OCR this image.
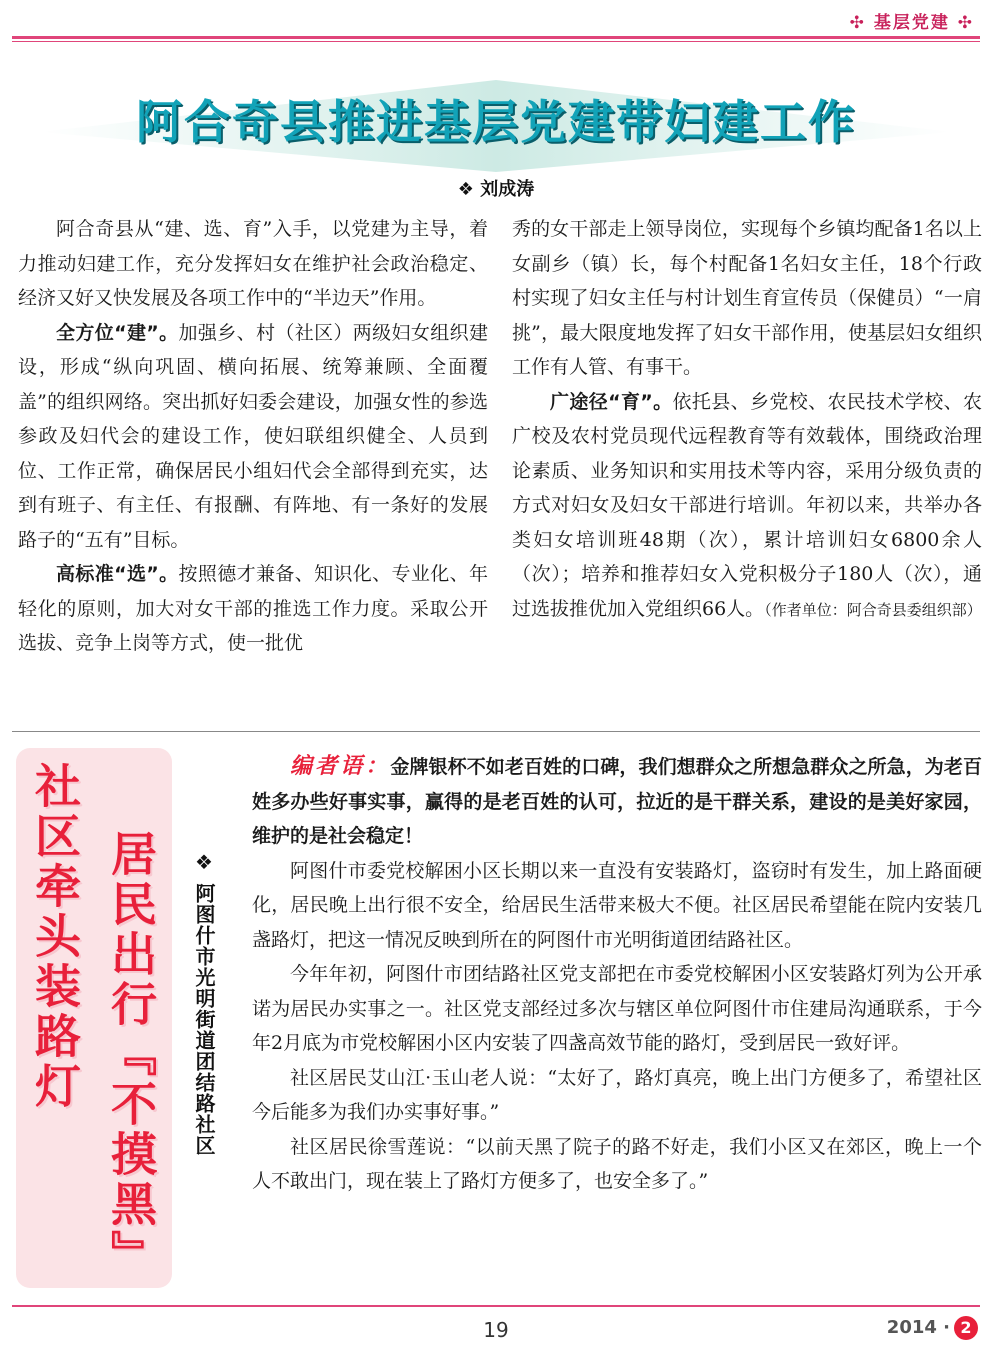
✣ 基层党建 ✣
阿合奇县推进基层党建带妇建工作
❖ 刘成涛

阿合奇县从“建、选、育”入手，以党建为主导，着力推动妇建工作，充分发挥妇女在维护社会政治稳定、经济又好又快发展及各项工作中的“半边天”作用。

全方位“建”。加强乡、村（社区）两级妇女组织建设，形成“纵向巩固、横向拓展、统筹兼顾、全面覆盖”的组织网络。突出抓好妇委会建设，加强女性的参选参政及妇代会的建设工作，使妇联组织健全、人员到位、工作正常，确保居民小组妇代会全部得到充实，达到有班子、有主任、有报酬、有阵地、有一条好的发展路子的“五有”目标。

高标准“选”。按照德才兼备、知识化、专业化、年轻化的原则，加大对女干部的推选工作力度。采取公开选拔、竞争上岗等方式，使一批优

秀的女干部走上领导岗位，实现每个乡镇均配备1名以上女副乡（镇）长，每个村配备1名妇女主任，18个行政村实现了妇女主任与村计划生育宣传员（保健员）“一肩挑”，最大限度地发挥了妇女干部作用，使基层妇女组织工作有人管、有事干。

广途径“育”。依托县、乡党校、农民技术学校、农广校及农村党员现代远程教育等有效载体，围绕政治理论素质、业务知识和实用技术等内容，采用分级负责的方式对妇女及妇女干部进行培训。年初以来，共举办各类妇女培训班48期（次），累计培训妇女6800余人（次）；培养和推荐妇女入党积极分子180人（次），通过选拔推优加入党组织66人。（作者单位：阿合奇县委组织部）

社区牵头装路灯 居民出行『不摸黑』	❖ 阿图什市光明街道团结路社区

编者语：金牌银杯不如老百姓的口碑，我们想群众之所想急群众之所急，为老百姓多办些好事实事，赢得的是老百姓的认可，拉近的是干群关系，建设的是美好家园，维护的是社会稳定！

阿图什市委党校解困小区长期以来一直没有安装路灯，盗窃时有发生，加上路面硬化，居民晚上出行很不安全，给居民生活带来极大不便。社区居民希望能在院内安装几盏路灯，把这一情况反映到所在的阿图什市光明街道团结路社区。

今年年初，阿图什市团结路社区党支部把在市委党校解困小区安装路灯列为公开承诺为居民办实事之一。社区党支部经过多次与辖区单位阿图什市住建局沟通联系，于今年2月底为市党校解困小区内安装了四盏高效节能的路灯，受到居民一致好评。

社区居民艾山江·玉山老人说：“太好了，路灯真亮，晚上出门方便多了，希望社区今后能多为我们办实事好事。”

社区居民徐雪莲说：“以前天黑了院子的路不好走，我们小区又在郊区，晚上一个人不敢出门，现在装上了路灯方便多了，也安全多了。”

19	2014 · 2
